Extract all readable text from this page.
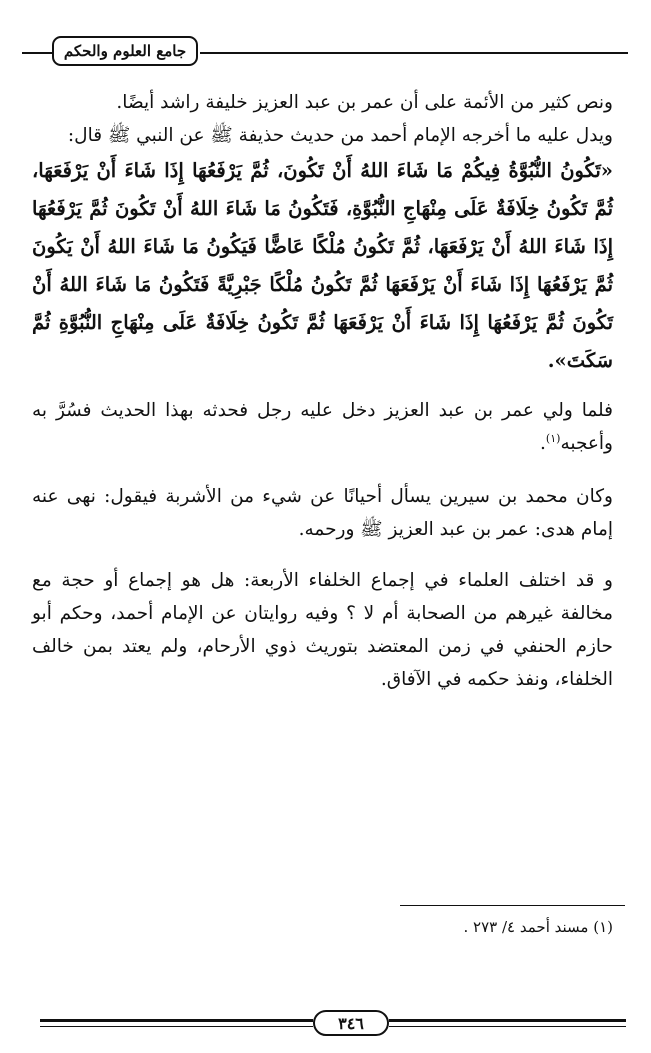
جامع العلوم والحكم

ونص كثير من الأئمة على أن عمر بن عبد العزيز خليفة راشد أيضًا.

ويدل عليه ما أخرجه الإمام أحمد من حديث حذيفة ﷺ عن النبي ﷺ قال:

«تَكُونُ النُّبُوَّةُ فِيكُمْ مَا شَاءَ اللهُ أَنْ تَكُونَ، ثُمَّ يَرْفَعُهَا إِذَا شَاءَ أَنْ يَرْفَعَهَا، ثُمَّ تَكُونُ خِلَافَةٌ عَلَى مِنْهَاجِ النُّبُوَّةِ، فَتَكُونُ مَا شَاءَ اللهُ أَنْ تَكُونَ ثُمَّ يَرْفَعُهَا إِذَا شَاءَ اللهُ أَنْ يَرْفَعَهَا، ثُمَّ تَكُونُ مُلْكًا عَاضًّا فَيَكُونُ مَا شَاءَ اللهُ أَنْ يَكُونَ ثُمَّ يَرْفَعُهَا إِذَا شَاءَ أَنْ يَرْفَعَهَا ثُمَّ تَكُونُ مُلْكًا جَبْرِيَّةً فَتَكُونُ مَا شَاءَ اللهُ أَنْ تَكُونَ ثُمَّ يَرْفَعُهَا إِذَا شَاءَ أَنْ يَرْفَعَهَا ثُمَّ تَكُونُ خِلَافَةٌ عَلَى مِنْهَاجِ النُّبُوَّةِ ثُمَّ سَكَتَ».

فلما ولي عمر بن عبد العزيز دخل عليه رجل فحدثه بهذا الحديث فسُرَّ به وأعجبه$^{(١)}$.

وكان محمد بن سيرين يسأل أحيانًا عن شيء من الأشربة فيقول: نهى عنه إمام هدى: عمر بن عبد العزيز ﷺ ورحمه.

و قد اختلف العلماء في إجماع الخلفاء الأربعة: هل هو إجماع أو حجة مع مخالفة غيرهم من الصحابة أم لا ؟ وفيه روايتان عن الإمام أحمد، وحكم أبو حازم الحنفي في زمن المعتضد بتوريث ذوي الأرحام، ولم يعتد بمن خالف الخلفاء، ونفذ حكمه في الآفاق.

(١) مسند أحمد ٤/ ٢٧٣ .
٣٤٦
